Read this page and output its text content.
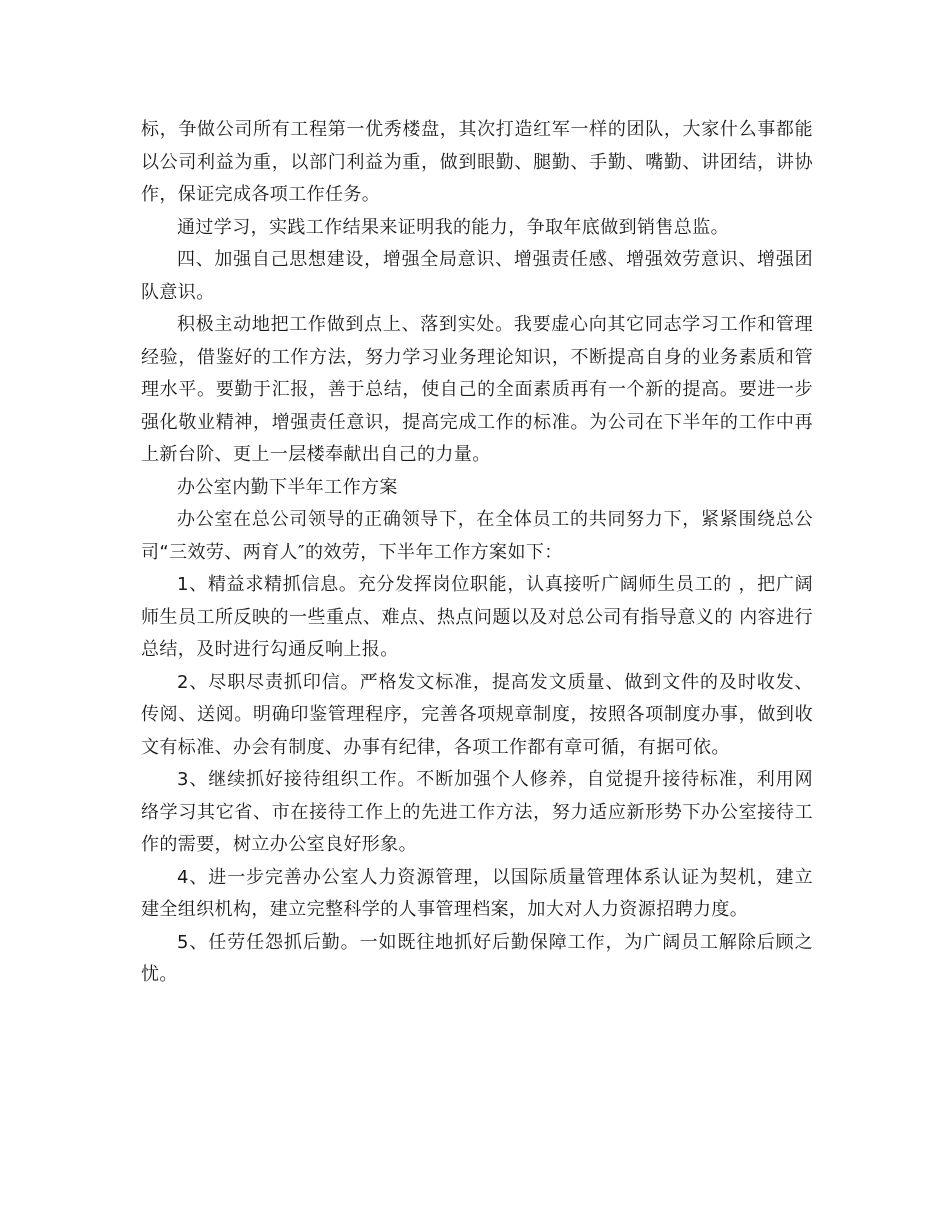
标，争做公司所有工程第一优秀楼盘，其次打造红军一样的团队，大家什么事都能以公司利益为重，以部门利益为重，做到眼勤、腿勤、手勤、嘴勤、讲团结，讲协作，保证完成各项工作任务。

通过学习，实践工作结果来证明我的能力，争取年底做到销售总监。

四、加强自己思想建设，增强全局意识、增强责任感、增强效劳意识、增强团队意识。

积极主动地把工作做到点上、落到实处。我要虚心向其它同志学习工作和管理经验，借鉴好的工作方法，努力学习业务理论知识，不断提高自身的业务素质和管理水平。要勤于汇报，善于总结，使自己的全面素质再有一个新的提高。要进一步强化敬业精神，增强责任意识，提高完成工作的标准。为公司在下半年的工作中再上新台阶、更上一层楼奉献出自己的力量。

办公室内勤下半年工作方案

办公室在总公司领导的正确领导下，在全体员工的共同努力下，紧紧围绕总公司“三效劳、两育人″的效劳，下半年工作方案如下：

1、精益求精抓信息。充分发挥岗位职能，认真接听广阔师生员工的 ，把广阔师生员工所反映的一些重点、难点、热点问题以及对总公司有指导意义的 内容进行总结，及时进行勾通反响上报。

2、尽职尽责抓印信。严格发文标准，提高发文质量、做到文件的及时收发、传阅、送阅。明确印鉴管理程序，完善各项规章制度，按照各项制度办事，做到收文有标准、办会有制度、办事有纪律，各项工作都有章可循，有据可依。

3、继续抓好接待组织工作。不断加强个人修养，自觉提升接待标准，利用网络学习其它省、市在接待工作上的先进工作方法，努力适应新形势下办公室接待工作的需要，树立办公室良好形象。

4、进一步完善办公室人力资源管理，以国际质量管理体系认证为契机，建立建全组织机构，建立完整科学的人事管理档案，加大对人力资源招聘力度。

5、任劳任怨抓后勤。一如既往地抓好后勤保障工作，为广阔员工解除后顾之忧。
